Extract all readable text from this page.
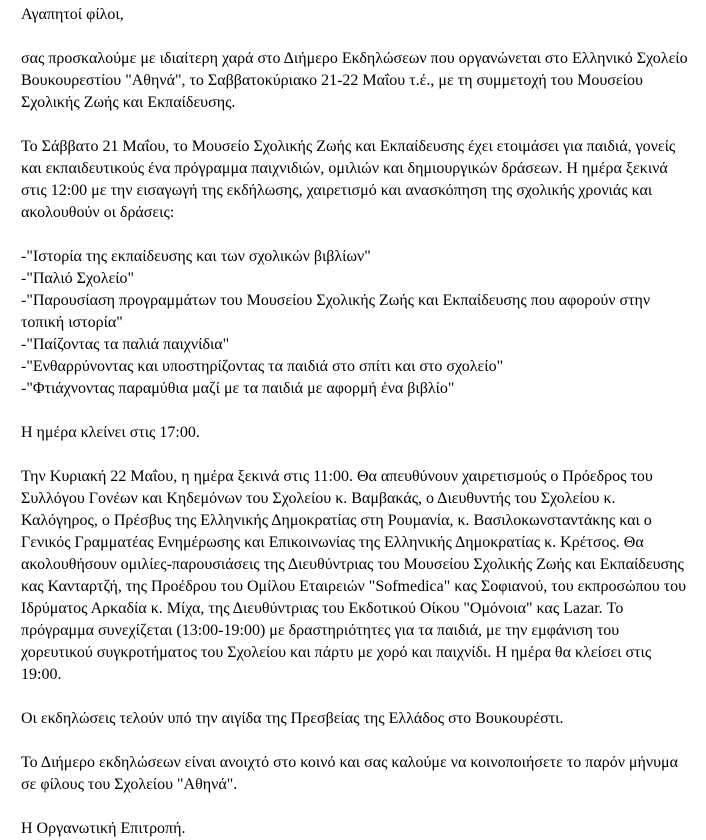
Αγαπητοί φίλοι,

σας προσκαλούμε με ιδιαίτερη χαρά στο Διήμερο Εκδηλώσεων που οργανώνεται στο Ελληνικό Σχολείο Βουκουρεστίου "Αθηνά", το Σαββατοκύριακο 21-22 Μαΐου τ.έ., με τη συμμετοχή του Μουσείου Σχολικής Ζωής και Εκπαίδευσης.

Το Σάββατο 21 Μαΐου, το Μουσείο Σχολικής Ζωής και Εκπαίδευσης έχει ετοιμάσει για παιδιά, γονείς και εκπαιδευτικούς ένα πρόγραμμα παιχνιδιών, ομιλιών και δημιουργικών δράσεων. Η ημέρα ξεκινά στις 12:00 με την εισαγωγή της εκδήλωσης, χαιρετισμό και ανασκόπηση της σχολικής χρονιάς και ακολουθούν οι δράσεις:

-"Ιστορία της εκπαίδευσης και των σχολικών βιβλίων"
-"Παλιό Σχολείο"
-"Παρουσίαση προγραμμάτων του Μουσείου Σχολικής Ζωής και Εκπαίδευσης που αφορούν στην τοπική ιστορία"
-"Παίζοντας τα παλιά παιχνίδια"
-"Ενθαρρύνοντας και υποστηρίζοντας τα παιδιά στο σπίτι και στο σχολείο"
-"Φτιάχνοντας παραμύθια μαζί με τα παιδιά με αφορμή ένα βιβλίο"

Η ημέρα κλείνει στις 17:00.

Την Κυριακή 22 Μαΐου, η ημέρα ξεκινά στις 11:00. Θα απευθύνουν χαιρετισμούς ο Πρόεδρος του Συλλόγου Γονέων και Κηδεμόνων του Σχολείου κ. Βαμβακάς, ο Διευθυντής του Σχολείου κ. Καλόγηρος, ο Πρέσβυς της Ελληνικής Δημοκρατίας στη Ρουμανία, κ. Βασιλοκωνσταντάκης και ο Γενικός Γραμματέας Ενημέρωσης και Επικοινωνίας της Ελληνικής Δημοκρατίας κ. Κρέτσος. Θα ακολουθήσουν ομιλίες-παρουσιάσεις της Διευθύντριας του Μουσείου Σχολικής Ζωής και Εκπαίδευσης κας Κανταρτζή, της Προέδρου του Ομίλου Εταιρειών "Sofmedica" κας Σοφιανού, του εκπροσώπου του Ιδρύματος Αρκαδία κ. Μίχα, της Διευθύντριας του Εκδοτικού Οίκου "Ομόνοια" κας Lazar. Το πρόγραμμα συνεχίζεται (13:00-19:00) με δραστηριότητες για τα παιδιά, με την εμφάνιση του χορευτικού συγκροτήματος του Σχολείου και πάρτυ με χορό και παιχνίδι. Η ημέρα θα κλείσει στις 19:00.

Οι εκδηλώσεις τελούν υπό την αιγίδα της Πρεσβείας της Ελλάδος στο Βουκουρέστι.

Το Διήμερο εκδηλώσεων είναι ανοιχτό στο κοινό και σας καλούμε να κοινοποιήσετε το παρόν μήνυμα σε φίλους του Σχολείου "Αθηνά".

Η Οργανωτική Επιτροπή.
